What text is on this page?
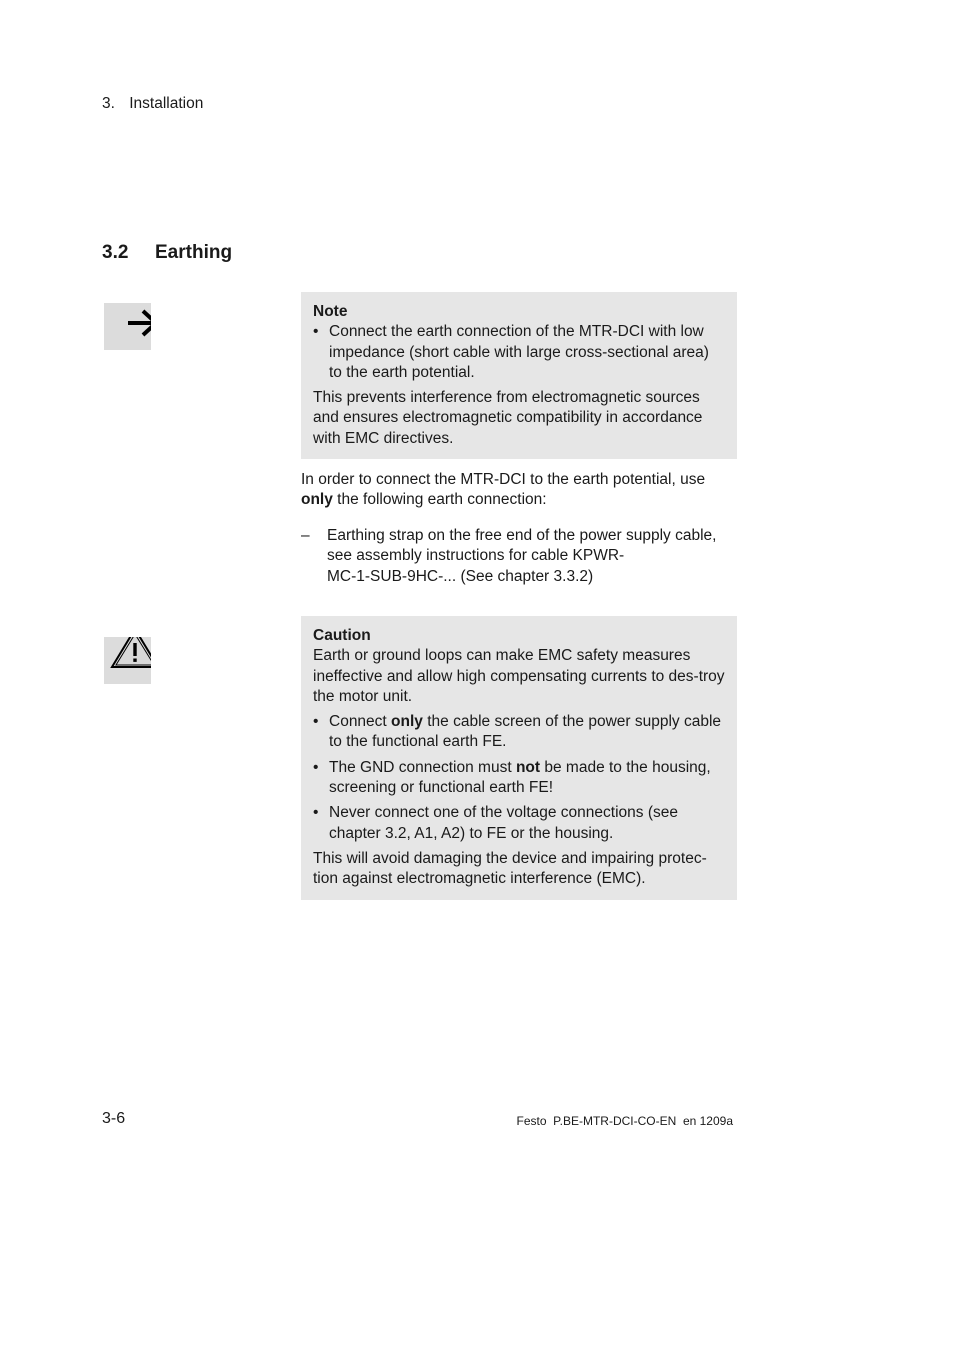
3. Installation
3.2 Earthing
Note
• Connect the earth connection of the MTR-DCI with low impedance (short cable with large cross-sectional area) to the earth potential.
This prevents interference from electromagnetic sources and ensures electromagnetic compatibility in accordance with EMC directives.
In order to connect the MTR-DCI to the earth potential, use
only the following earth connection:
–	Earthing strap on the free end of the power supply cable,
see assembly instructions for cable KPWR-
MC-1-SUB-9HC-... (See chapter 3.3.2)
Caution
Earth or ground loops can make EMC safety measures ineffective and allow high compensating currents to des-troy the motor unit.
• Connect only the cable screen of the power supply cable to the functional earth FE.
• The GND connection must not be made to the housing, screening or functional earth FE!
• Never connect one of the voltage connections (see chapter 3.2, A1, A2) to FE or the housing.
This will avoid damaging the device and impairing protec-tion against electromagnetic interference (EMC).
3-6	Festo  P.BE-MTR-DCI-CO-EN  en 1209a
